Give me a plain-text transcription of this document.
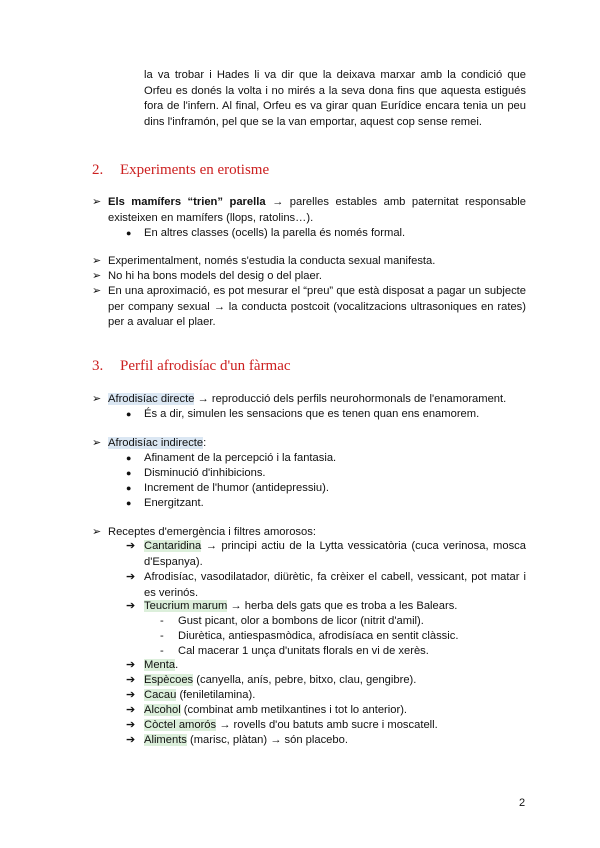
la va trobar i Hades li va dir que la deixava marxar amb la condició que Orfeu es donés la volta i no mirés a la seva dona fins que aquesta estigués fora de l'infern. Al final, Orfeu es va girar quan Eurídice encara tenia un peu dins l'inframón, pel que se la van emportar, aquest cop sense remei.

2. Experiments en erotisme
➢ Els mamífers “trien” parella → parelles estables amb paternitat responsable existeixen en mamífers (llops, ratolins…).
● En altres classes (ocells) la parella és només formal.
➢ Experimentalment, només s'estudia la conducta sexual manifesta.
➢ No hi ha bons models del desig o del plaer.
➢ En una aproximació, es pot mesurar el “preu” que està disposat a pagar un subjecte per company sexual → la conducta postcoit (vocalitzacions ultrasoniques en rates) per a avaluar el plaer.
3. Perfil afrodisíac d'un fàrmac
➢ Afrodisíac directe → reproducció dels perfils neurohormonals de l'enamorament.
● És a dir, simulen les sensacions que es tenen quan ens enamorem.
➢ Afrodisíac indirecte:
● Afinament de la percepció i la fantasia.
● Disminució d'inhibicions.
● Increment de l'humor (antidepressiu).
● Energitzant.
➢ Receptes d'emergència i filtres amorosos:
➔ Cantaridina → principi actiu de la Lytta vessicatòria (cuca verinosa, mosca d'Espanya).
➔ Afrodisíac, vasodilatador, diürètic, fa crèixer el cabell, vessicant, pot matar i es verinós.
➔ Teucrium marum → herba dels gats que es troba a les Balears.
- Gust picant, olor a bombons de licor (nitrit d'amil).
- Diurètica, antiespasmòdica, afrodisíaca en sentit clàssic.
- Cal macerar 1 unça d'unitats florals en vi de xerès.
➔ Menta.
➔ Espècoes (canyella, anís, pebre, bitxo, clau, gengibre).
➔ Cacau (feniletilamina).
➔ Alcohol (combinat amb metilxantines i tot lo anterior).
➔ Còctel amorós → rovells d'ou batuts amb sucre i moscatell.
➔ Aliments (marisc, plàtan) → són placebo.
2
